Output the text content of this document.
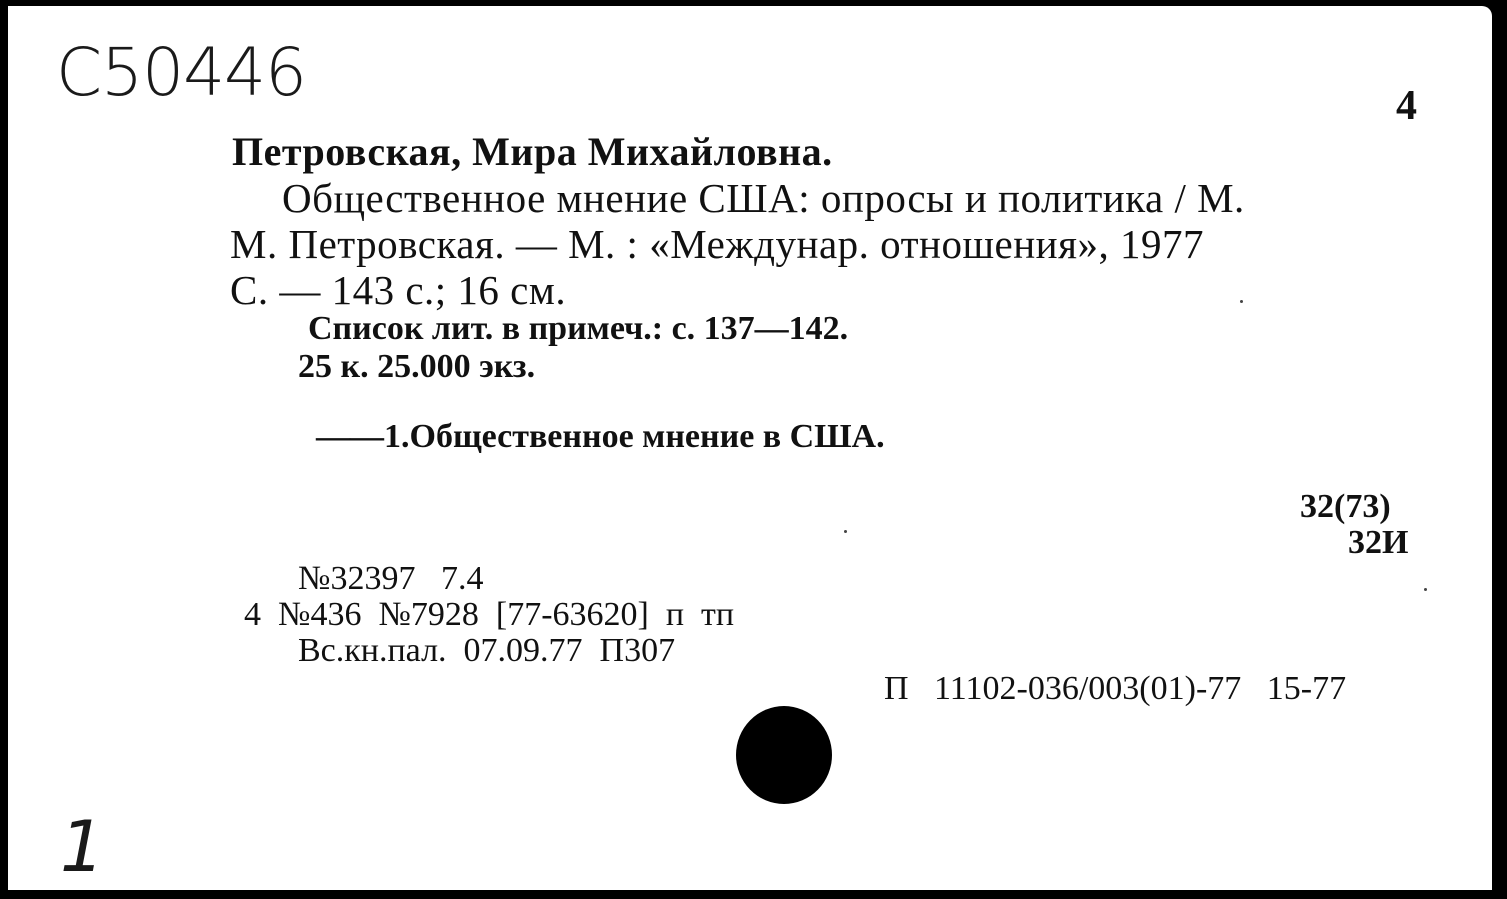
С50446	4
Петровская, Мира Михайловна.
Общественное мнение США: опросы и политика / М.
М. Петровская. — М. : «Междунар. отношения», 1977
С. — 143 с.; 16 см.
Список лит. в примеч.: с. 137—142.
25 к. 25.000 экз.
——1.Общественное мнение в США.
32(73)
32И
№32397   7.4
4  №436  №7928  [77-63620]  п  тп
Вс.кн.пал.  07.09.77  П307
П   11102-036/003(01)-77   15-77
1
